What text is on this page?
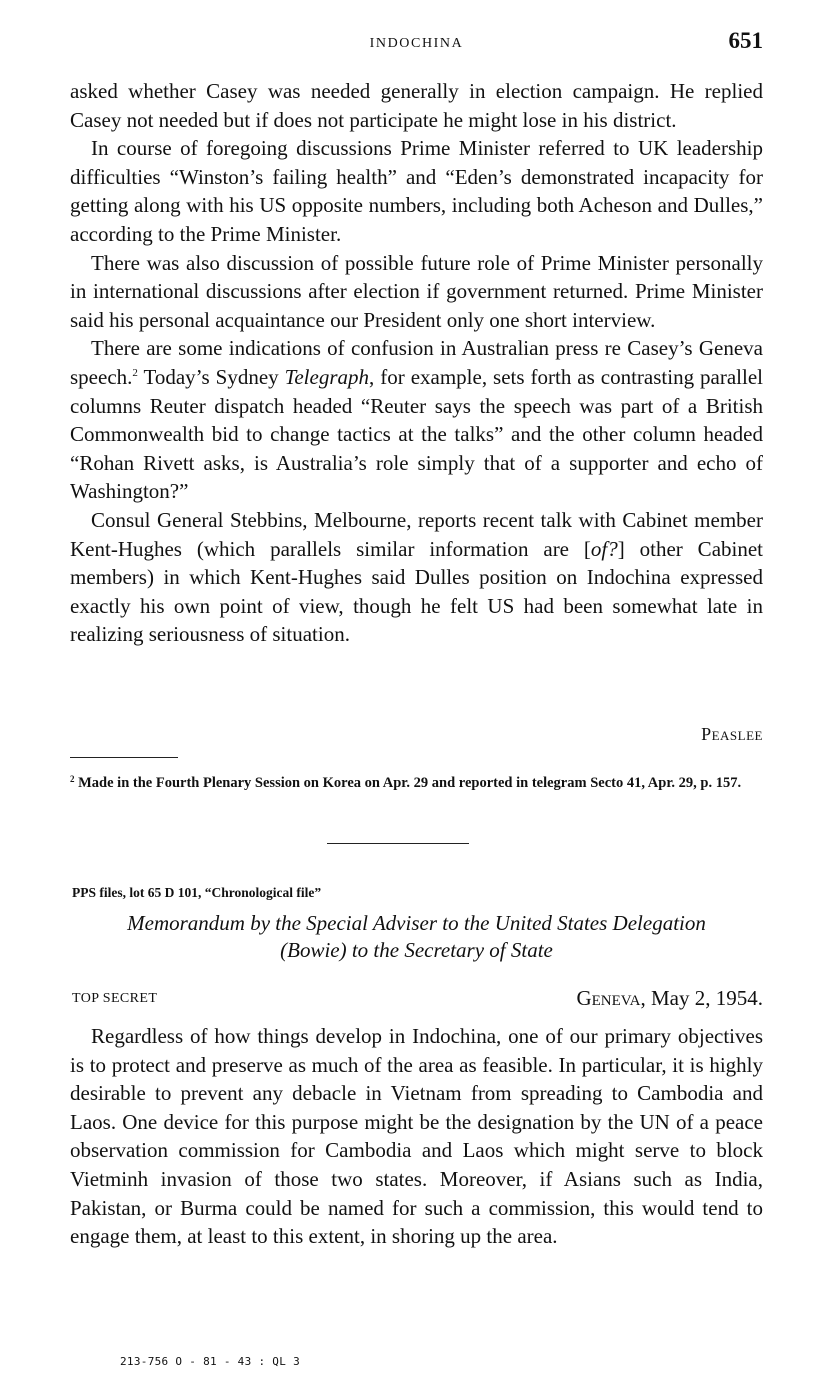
INDOCHINA	651

asked whether Casey was needed generally in election campaign. He replied Casey not needed but if does not participate he might lose in his district.

In course of foregoing discussions Prime Minister referred to UK leadership difficulties “Winston’s failing health” and “Eden’s demonstrated incapacity for getting along with his US opposite numbers, including both Acheson and Dulles,” according to the Prime Minister.

There was also discussion of possible future role of Prime Minister personally in international discussions after election if government returned. Prime Minister said his personal acquaintance our President only one short interview.

There are some indications of confusion in Australian press re Casey’s Geneva speech.$^2$ Today’s Sydney Telegraph, for example, sets forth as contrasting parallel columns Reuter dispatch headed “Reuter says the speech was part of a British Commonwealth bid to change tactics at the talks” and the other column headed “Rohan Rivett asks, is Australia’s role simply that of a supporter and echo of Washington?”

Consul General Stebbins, Melbourne, reports recent talk with Cabinet member Kent-Hughes (which parallels similar information are [of?] other Cabinet members) in which Kent-Hughes said Dulles position on Indochina expressed exactly his own point of view, though he felt US had been somewhat late in realizing seriousness of situation.

Peaslee
$^2$ Made in the Fourth Plenary Session on Korea on Apr. 29 and reported in telegram Secto 41, Apr. 29, p. 157.
PPS files, lot 65 D 101, “Chronological file”
Memorandum by the Special Adviser to the United States Delegation
(Bowie) to the Secretary of State
TOP SECRET	Geneva, May 2, 1954.

Regardless of how things develop in Indochina, one of our primary objectives is to protect and preserve as much of the area as feasible. In particular, it is highly desirable to prevent any debacle in Vietnam from spreading to Cambodia and Laos. One device for this purpose might be the designation by the UN of a peace observation commission for Cambodia and Laos which might serve to block Vietminh invasion of those two states. Moreover, if Asians such as India, Pakistan, or Burma could be named for such a commission, this would tend to engage them, at least to this extent, in shoring up the area.

213-756 O - 81 - 43 : QL 3
